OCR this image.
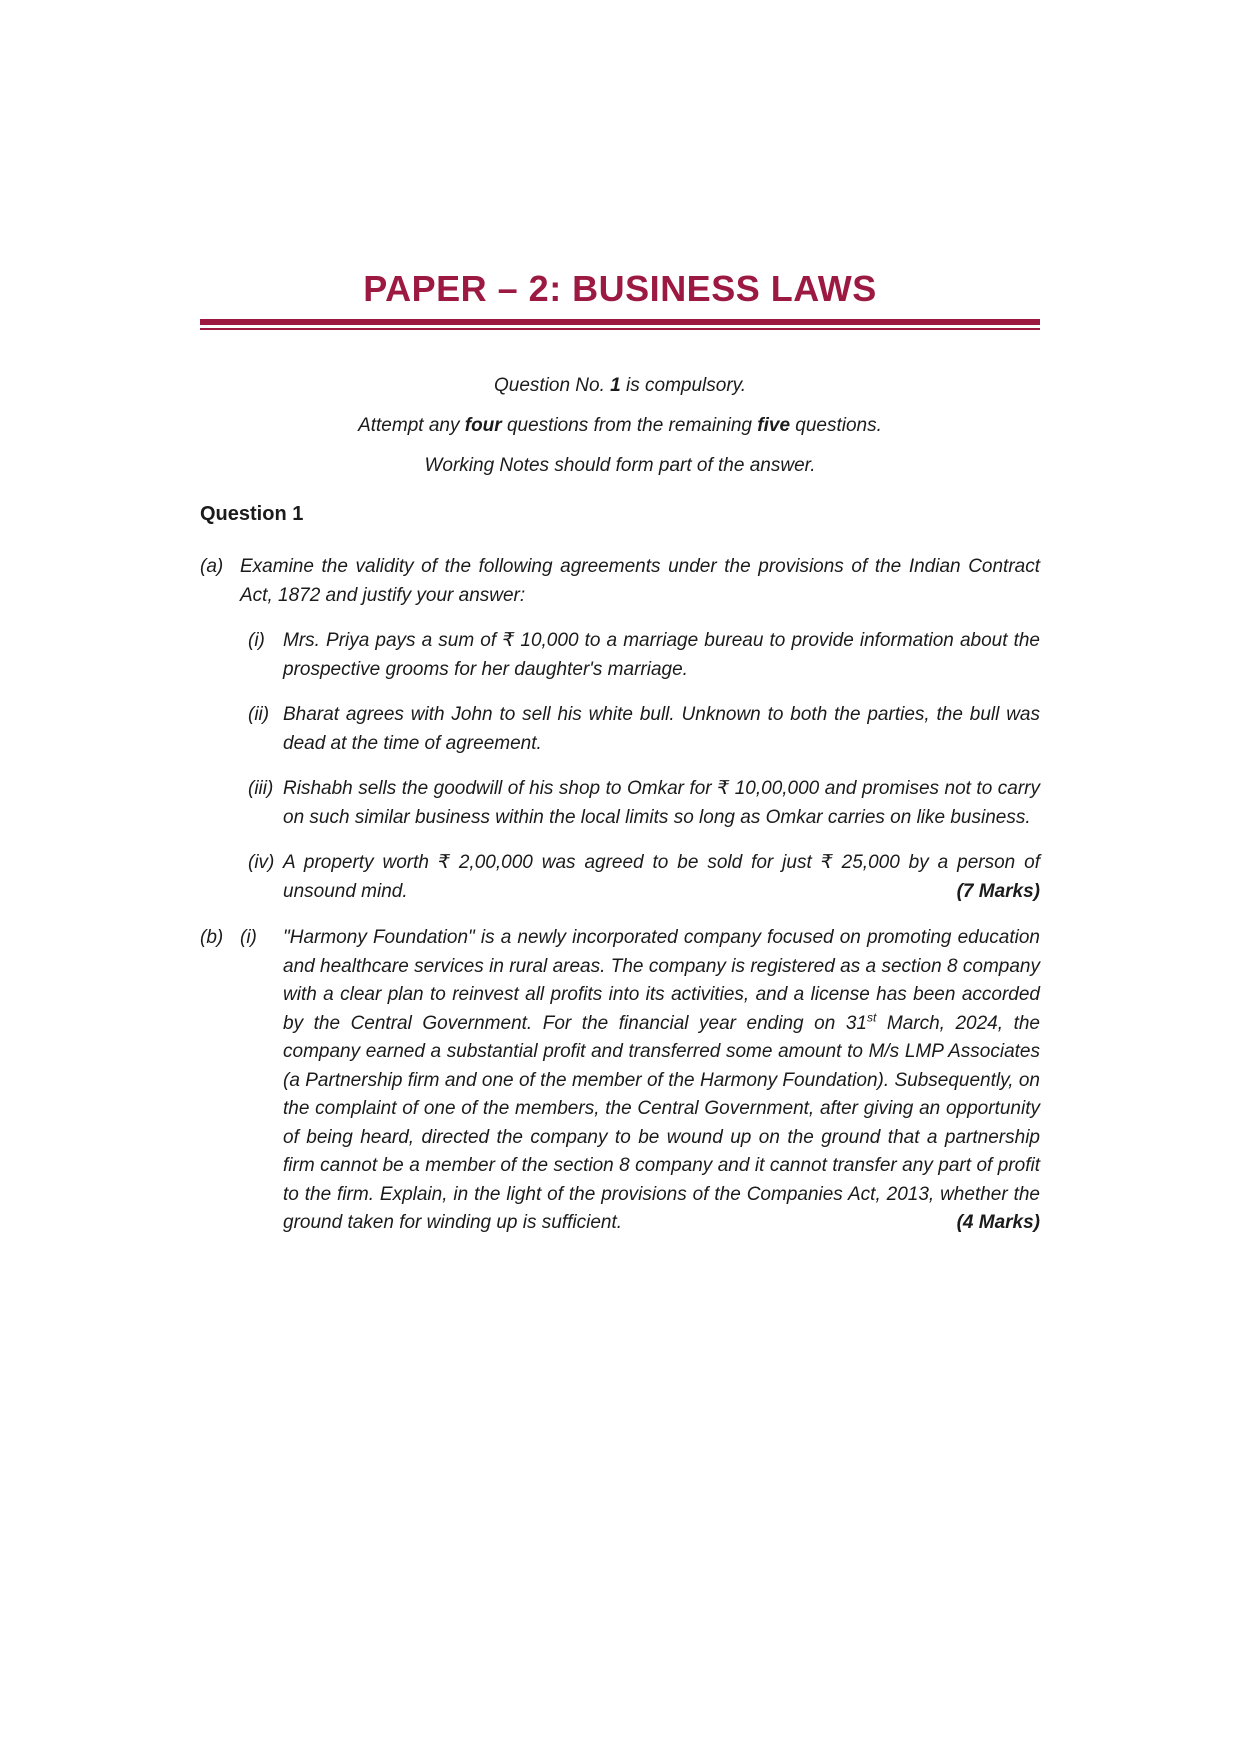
PAPER – 2: BUSINESS LAWS
Question No. 1 is compulsory.
Attempt any four questions from the remaining five questions.
Working Notes should form part of the answer.
Question 1
(a) Examine the validity of the following agreements under the provisions of the Indian Contract Act, 1872 and justify your answer:
(i) Mrs. Priya pays a sum of ₹ 10,000 to a marriage bureau to provide information about the prospective grooms for her daughter's marriage.
(ii) Bharat agrees with John to sell his white bull. Unknown to both the parties, the bull was dead at the time of agreement.
(iii) Rishabh sells the goodwill of his shop to Omkar for ₹ 10,00,000 and promises not to carry on such similar business within the local limits so long as Omkar carries on like business.
(iv) A property worth ₹ 2,00,000 was agreed to be sold for just ₹ 25,000 by a person of unsound mind.	(7 Marks)
(b) (i)	"Harmony Foundation" is a newly incorporated company focused on promoting education and healthcare services in rural areas. The company is registered as a section 8 company with a clear plan to reinvest all profits into its activities, and a license has been accorded by the Central Government. For the financial year ending on 31st March, 2024, the company earned a substantial profit and transferred some amount to M/s LMP Associates (a Partnership firm and one of the member of the Harmony Foundation). Subsequently, on the complaint of one of the members, the Central Government, after giving an opportunity of being heard, directed the company to be wound up on the ground that a partnership firm cannot be a member of the section 8 company and it cannot transfer any part of profit to the firm. Explain, in the light of the provisions of the Companies Act, 2013, whether the ground taken for winding up is sufficient.	(4 Marks)
